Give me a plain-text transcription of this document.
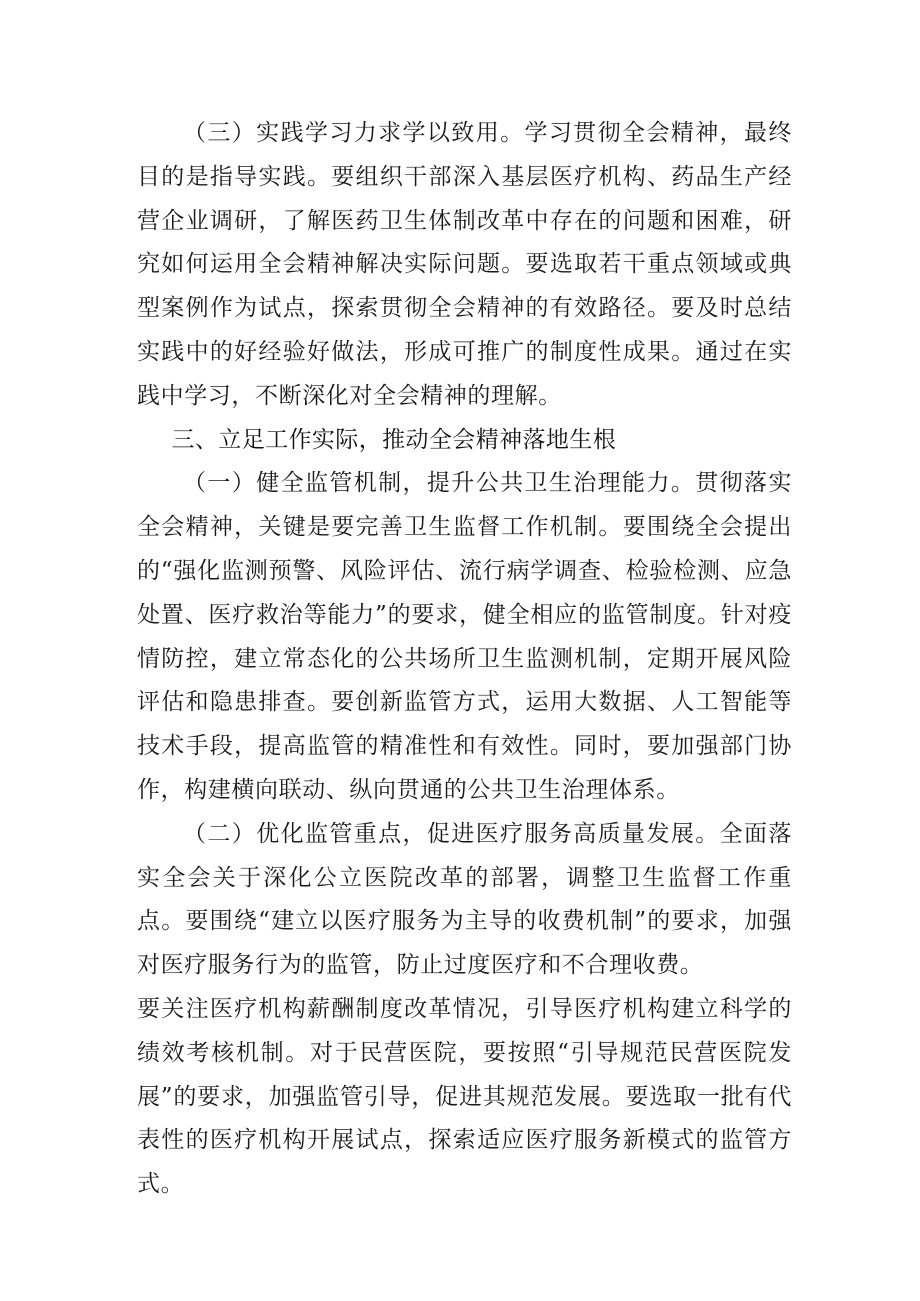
（三）实践学习力求学以致用。学习贯彻全会精神，最终目的是指导实践。要组织干部深入基层医疗机构、药品生产经营企业调研，了解医药卫生体制改革中存在的问题和困难，研究如何运用全会精神解决实际问题。要选取若干重点领域或典型案例作为试点，探索贯彻全会精神的有效路径。要及时总结实践中的好经验好做法，形成可推广的制度性成果。通过在实践中学习，不断深化对全会精神的理解。

三、立足工作实际，推动全会精神落地生根

（一）健全监管机制，提升公共卫生治理能力。贯彻落实全会精神，关键是要完善卫生监督工作机制。要围绕全会提出的“强化监测预警、风险评估、流行病学调查、检验检测、应急处置、医疗救治等能力”的要求，健全相应的监管制度。针对疫情防控，建立常态化的公共场所卫生监测机制，定期开展风险评估和隐患排查。要创新监管方式，运用大数据、人工智能等技术手段，提高监管的精准性和有效性。同时，要加强部门协作，构建横向联动、纵向贯通的公共卫生治理体系。

（二）优化监管重点，促进医疗服务高质量发展。全面落实全会关于深化公立医院改革的部署，调整卫生监督工作重点。要围绕“建立以医疗服务为主导的收费机制”的要求，加强对医疗服务行为的监管，防止过度医疗和不合理收费。

要关注医疗机构薪酬制度改革情况，引导医疗机构建立科学的绩效考核机制。对于民营医院，要按照“引导规范民营医院发展”的要求，加强监管引导，促进其规范发展。要选取一批有代表性的医疗机构开展试点，探索适应医疗服务新模式的监管方式。
